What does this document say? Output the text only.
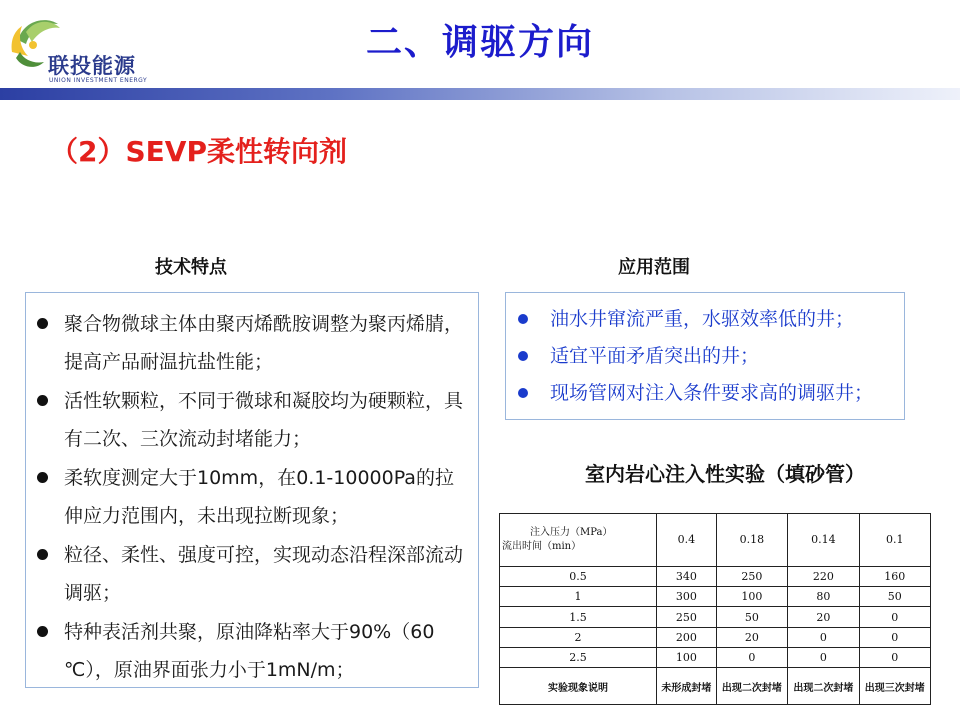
联投能源
UNION INVESTMENT ENERGY
二、调驱方向
（2）SEVP柔性转向剂
技术特点
聚合物微球主体由聚丙烯酰胺调整为聚丙烯腈，提高产品耐温抗盐性能；
活性软颗粒，不同于微球和凝胶均为硬颗粒，具有二次、三次流动封堵能力；
柔软度测定大于10mm，在0.1-10000Pa的拉伸应力范围内，未出现拉断现象；
粒径、柔性、强度可控，实现动态沿程深部流动调驱；
特种表活剂共聚，原油降粘率大于90%（60 ℃），原油界面张力小于1mN/m；
应用范围
油水井窜流严重，水驱效率低的井；
适宜平面矛盾突出的井；
现场管网对注入条件要求高的调驱井；
室内岩心注入性实验（填砂管）
注入压力（MPa）
流出时间（min）	0.4	0.18	0.14	0.1
0.5	340	250	220	160
1	300	100	80	50
1.5	250	50	20	0
2	200	20	0	0
2.5	100	0	0	0
实验现象说明	未形成封堵	出现二次封堵	出现二次封堵	出现三次封堵
